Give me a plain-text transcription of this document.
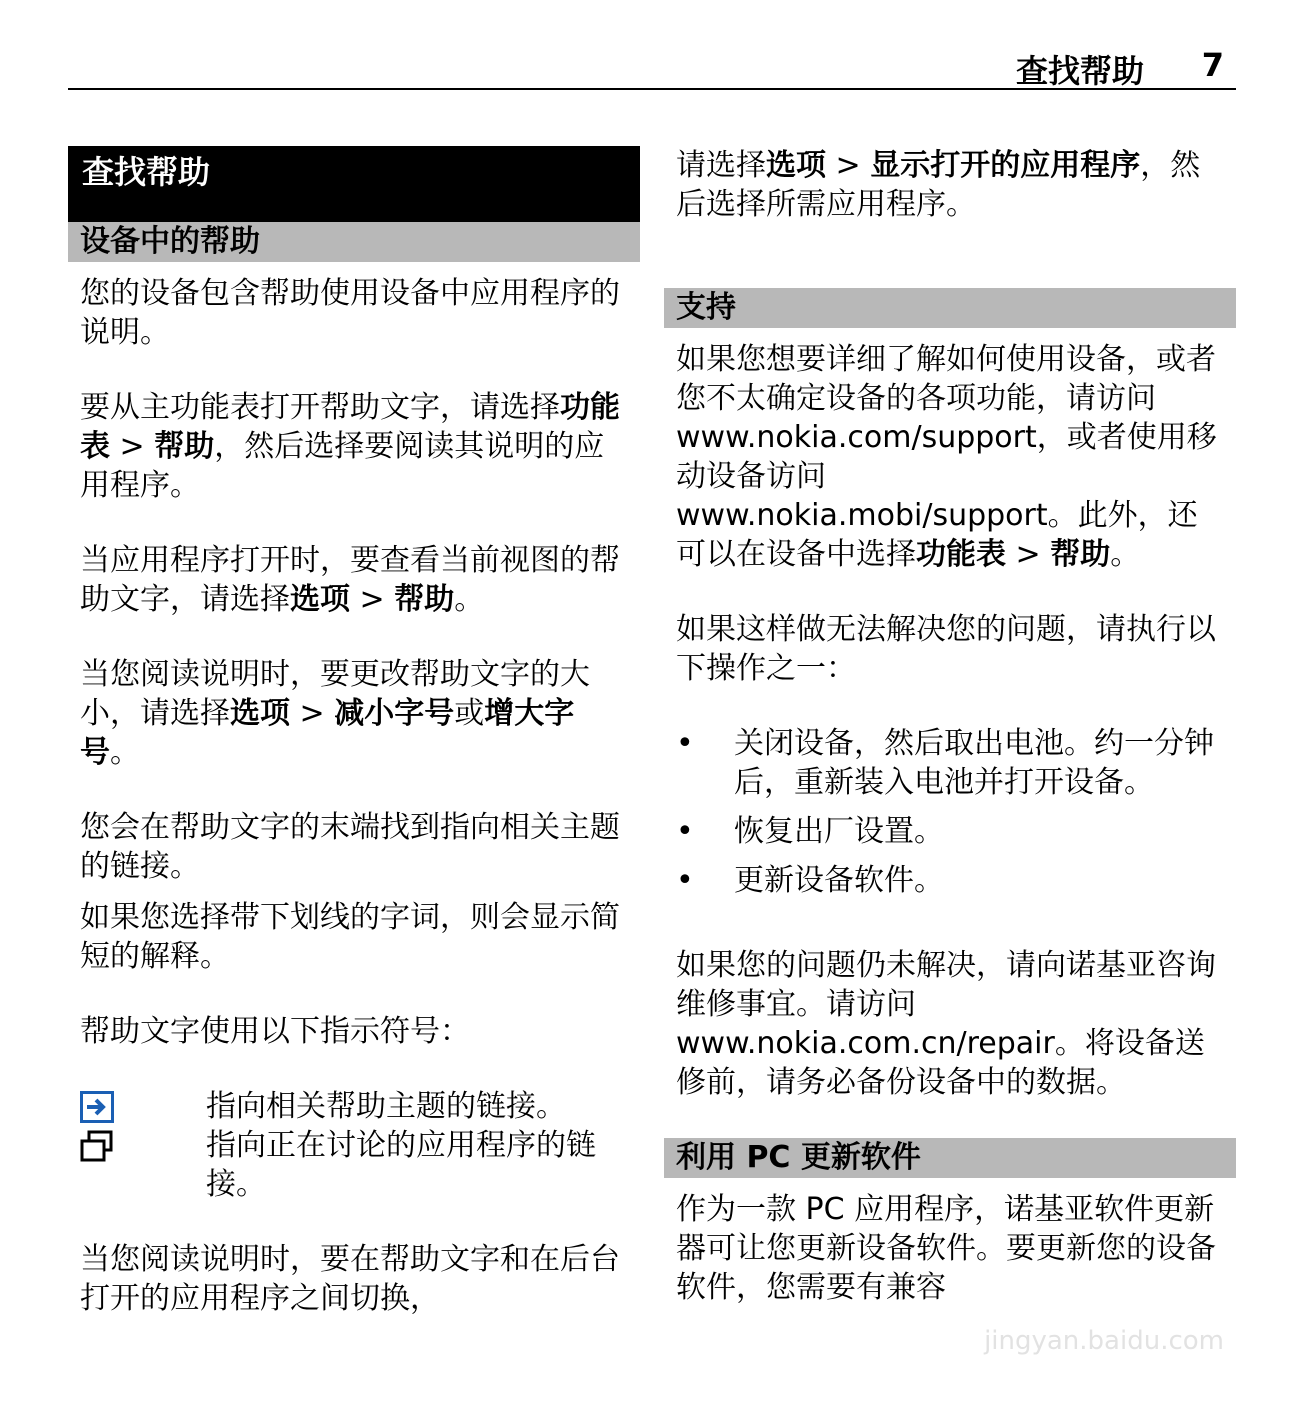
查找帮助 7
查找帮助
设备中的帮助

您的设备包含帮助使用设备中应用程序的说明。

要从主功能表打开帮助文字，请选择功能表 > 帮助，然后选择要阅读其说明的应用程序。

当应用程序打开时，要查看当前视图的帮助文字，请选择选项 > 帮助。

当您阅读说明时，要更改帮助文字的大小，请选择选项 > 减小字号或增大字号。

您会在帮助文字的末端找到指向相关主题的链接。

如果您选择带下划线的字词，则会显示简短的解释。

帮助文字使用以下指示符号：

指向相关帮助主题的链接。
指向正在讨论的应用程序的链接。

当您阅读说明时，要在帮助文字和在后台打开的应用程序之间切换，

请选择选项 > 显示打开的应用程序，然后选择所需应用程序。

支持

如果您想要详细了解如何使用设备，或者您不太确定设备的各项功能，请访问 www.nokia.com/support，或者使用移动设备访问 www.nokia.mobi/support。此外，还可以在设备中选择功能表 > 帮助。

如果这样做无法解决您的问题，请执行以下操作之一：

• 关闭设备，然后取出电池。约一分钟后，重新装入电池并打开设备。
• 恢复出厂设置。
• 更新设备软件。

如果您的问题仍未解决，请向诺基亚咨询维修事宜。请访问 www.nokia.com.cn/repair。将设备送修前，请务必备份设备中的数据。

利用 PC 更新软件

作为一款 PC 应用程序，诺基亚软件更新器可让您更新设备软件。要更新您的设备软件，您需要有兼容

jingyan.baidu.com
